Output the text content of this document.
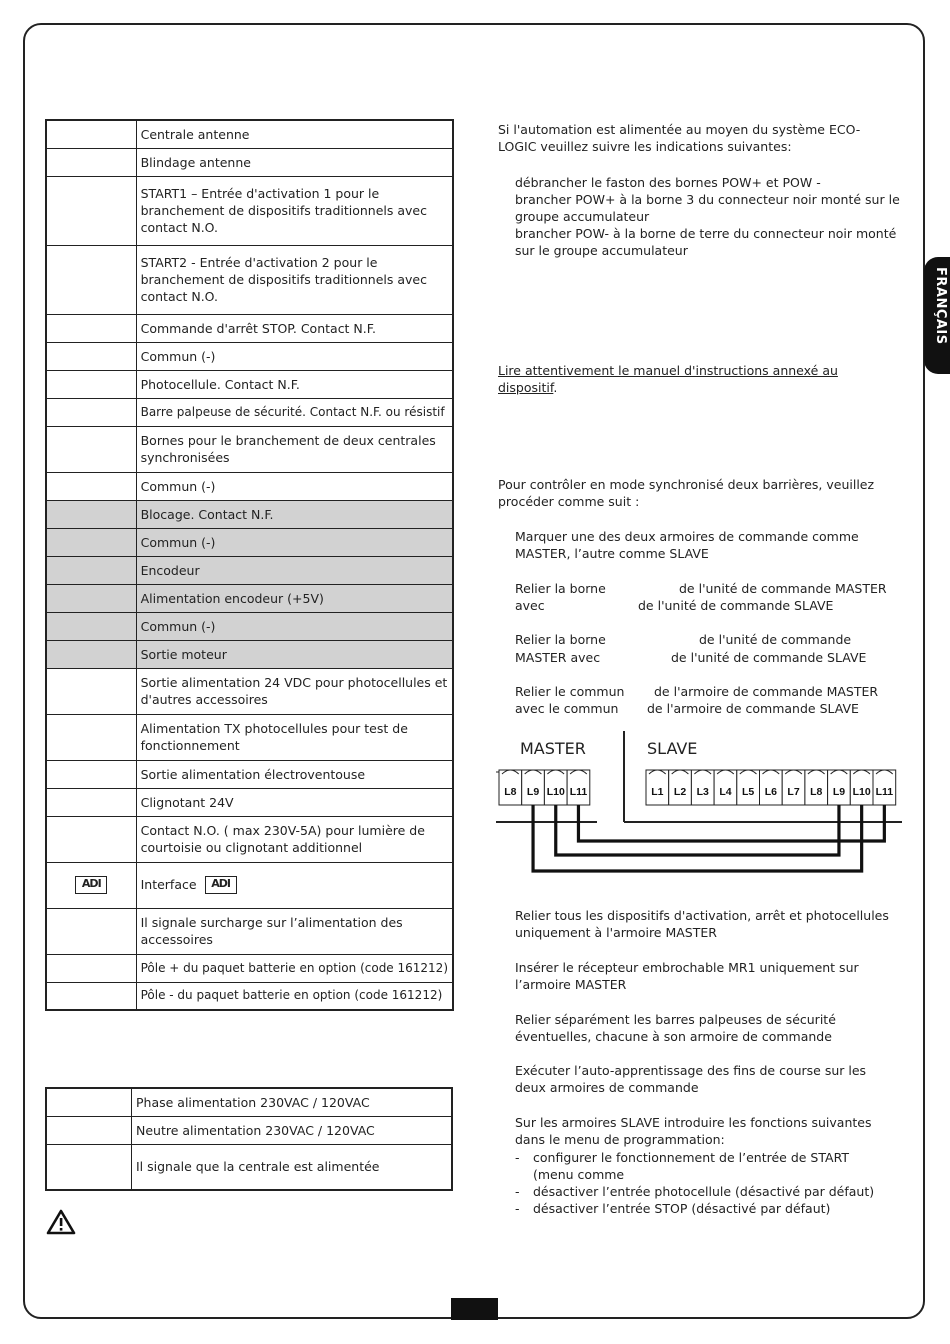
FRANÇAIS
	Centrale antenne
	Blindage antenne
	START1 – Entrée d'activation 1 pour le branchement de dispositifs traditionnels avec contact N.O.
	START2 - Entrée d'activation 2 pour le branchement de dispositifs traditionnels avec contact N.O.
	Commande d'arrêt STOP. Contact N.F.
	Commun (-)
	Photocellule. Contact N.F.
	Barre palpeuse de sécurité. Contact N.F. ou résistif
	Bornes pour le branchement de deux centrales synchronisées
	Commun (-)
	Blocage. Contact N.F.
	Commun (-)
	Encodeur
	Alimentation encodeur (+5V)
	Commun (-)
	Sortie moteur
	Sortie alimentation 24 VDC pour photocellules et d'autres accessoires
	Alimentation TX photocellules pour test de fonctionnement
	Sortie alimentation électroventouse
	Clignotant 24V
	Contact N.O. ( max 230V-5A) pour lumière de courtoisie ou clignotant additionnel
ADI	Interface ADI
	Il signale surcharge sur l’alimentation des accessoires
	Pôle + du paquet batterie en option (code 161212)
	Pôle - du paquet batterie en option (code 161212)
	Phase alimentation 230VAC / 120VAC
	Neutre alimentation 230VAC / 120VAC
	Il signale que la centrale est alimentée
Si l'automation est alimentée au moyen du système ECO-LOGIC veuillez suivre les indications suivantes:
débrancher le faston des bornes POW+ et POW -
brancher POW+ à la borne 3 du connecteur noir monté sur le groupe accumulateur
brancher POW- à la borne de terre du connecteur noir monté sur le groupe accumulateur
Lire attentivement le manuel d'instructions annexé au dispositif.
Pour contrôler en mode synchronisé deux barrières, veuillez procéder comme suit :
Marquer une des deux armoires de commande comme MASTER, l’autre comme SLAVE
Relier la borne	de l'unité de commande MASTER
avec	de l'unité de commande SLAVE
Relier la borne	de l'unité de commande
MASTER avec	de l'unité de commande SLAVE
Relier le commun de l'armoire de commande MASTER
avec le commun de l'armoire de commande SLAVE
MASTER	SLAVE
L8 L9 L10 L11	L1 L2 L3 L4 L5 L6 L7 L8 L9 L10 L11
Relier tous les dispositifs d'activation, arrêt et photocellules uniquement à l'armoire MASTER
Insérer le récepteur embrochable MR1 uniquement sur l’armoire MASTER
Relier séparément les barres palpeuses de sécurité éventuelles, chacune à son armoire de commande
Exécuter l’auto-apprentissage des fins de course sur les deux armoires de commande
Sur les armoires SLAVE introduire les fonctions suivantes dans le menu de programmation:
- configurer le fonctionnement de l’entrée de START (menu comme
- désactiver l’entrée photocellule (désactivé par défaut)
- désactiver l’entrée STOP (désactivé par défaut)
